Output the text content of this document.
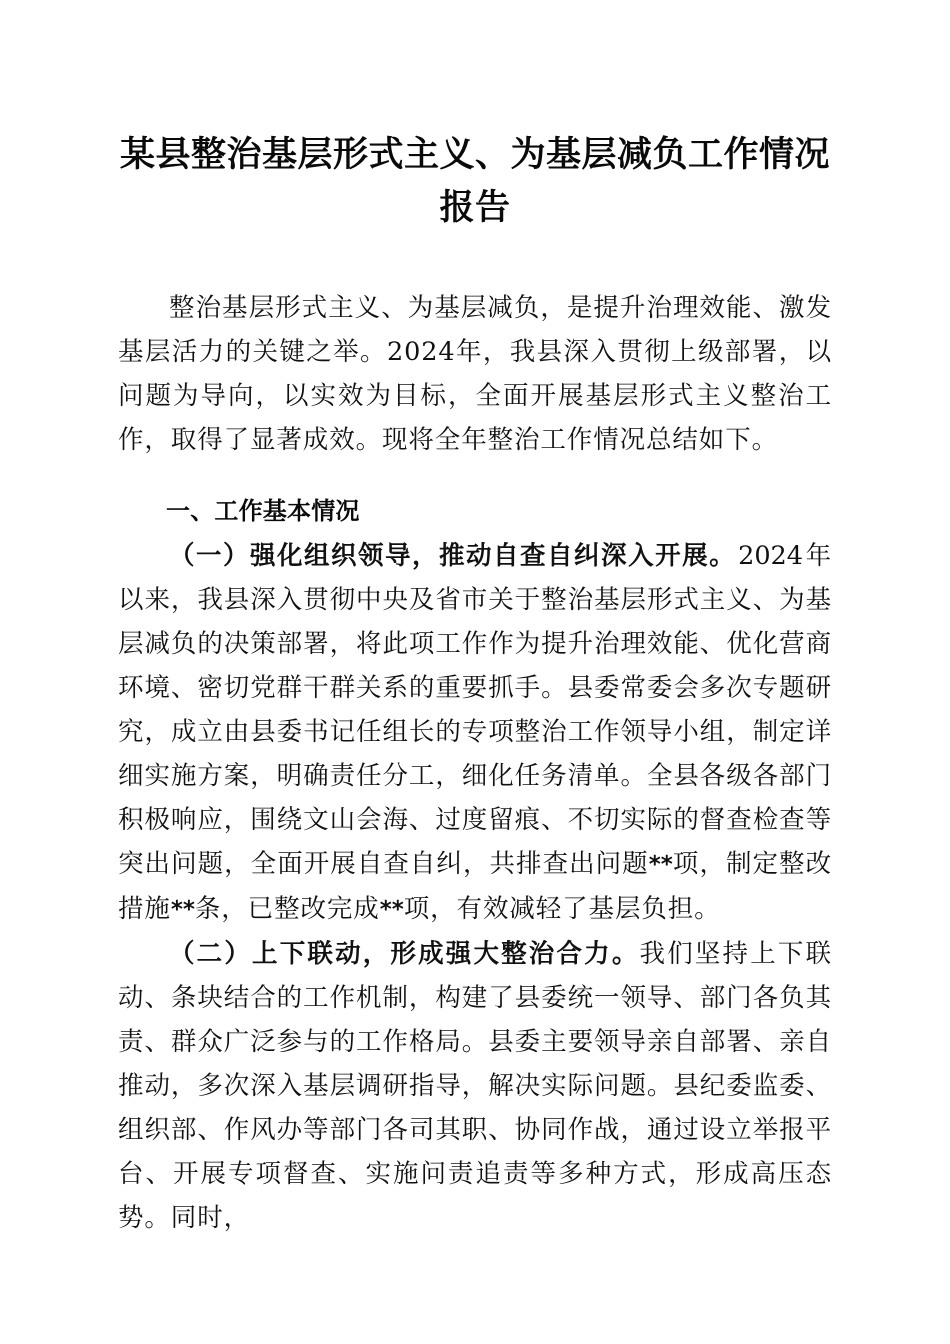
某县整治基层形式主义、为基层减负工作情况报告

整治基层形式主义、为基层减负，是提升治理效能、激发基层活力的关键之举。2024年，我县深入贯彻上级部署，以问题为导向，以实效为目标，全面开展基层形式主义整治工作，取得了显著成效。现将全年整治工作情况总结如下。

一、工作基本情况

（一）强化组织领导，推动自查自纠深入开展。2024年以来，我县深入贯彻中央及省市关于整治基层形式主义、为基层减负的决策部署，将此项工作作为提升治理效能、优化营商环境、密切党群干群关系的重要抓手。县委常委会多次专题研究，成立由县委书记任组长的专项整治工作领导小组，制定详细实施方案，明确责任分工，细化任务清单。全县各级各部门积极响应，围绕文山会海、过度留痕、不切实际的督查检查等突出问题，全面开展自查自纠，共排查出问题**项，制定整改措施**条，已整改完成**项，有效减轻了基层负担。

（二）上下联动，形成强大整治合力。我们坚持上下联动、条块结合的工作机制，构建了县委统一领导、部门各负其责、群众广泛参与的工作格局。县委主要领导亲自部署、亲自推动，多次深入基层调研指导，解决实际问题。县纪委监委、组织部、作风办等部门各司其职、协同作战，通过设立举报平台、开展专项督查、实施问责追责等多种方式，形成高压态势。同时，
